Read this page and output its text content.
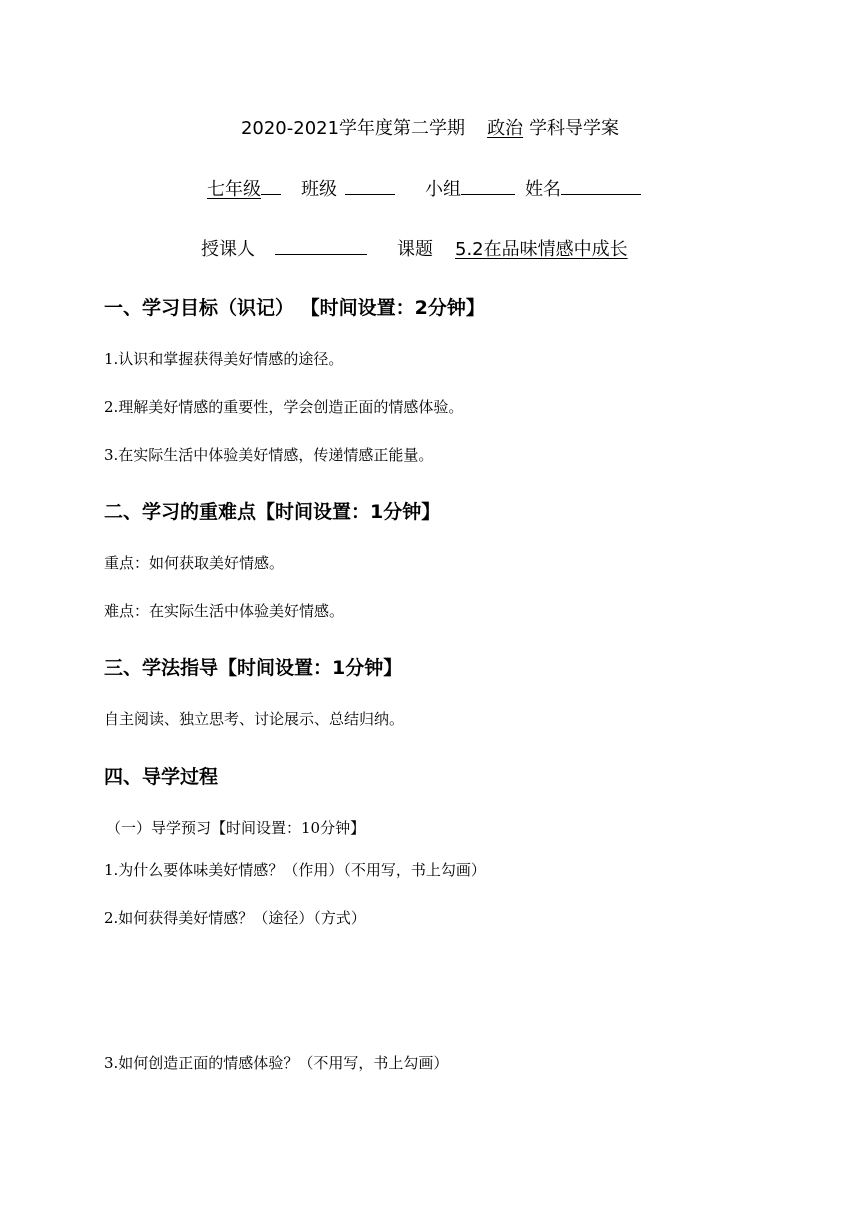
2020-2021学年度第二学期 政治 学科导学案
七年级 班级	小组	姓名
授课人	课题 5.2在品味情感中成长
一、学习目标（识记） 【时间设置：2分钟】
1.认识和掌握获得美好情感的途径。
2.理解美好情感的重要性，学会创造正面的情感体验。
3.在实际生活中体验美好情感，传递情感正能量。
二、学习的重难点【时间设置：1分钟】
重点：如何获取美好情感。
难点：在实际生活中体验美好情感。
三、学法指导【时间设置：1分钟】
自主阅读、独立思考、讨论展示、总结归纳。
四、导学过程
（一）导学预习【时间设置：10分钟】
1.为什么要体味美好情感？（作用）（不用写，书上勾画）
2.如何获得美好情感？（途径）（方式）
3.如何创造正面的情感体验？（不用写，书上勾画）
